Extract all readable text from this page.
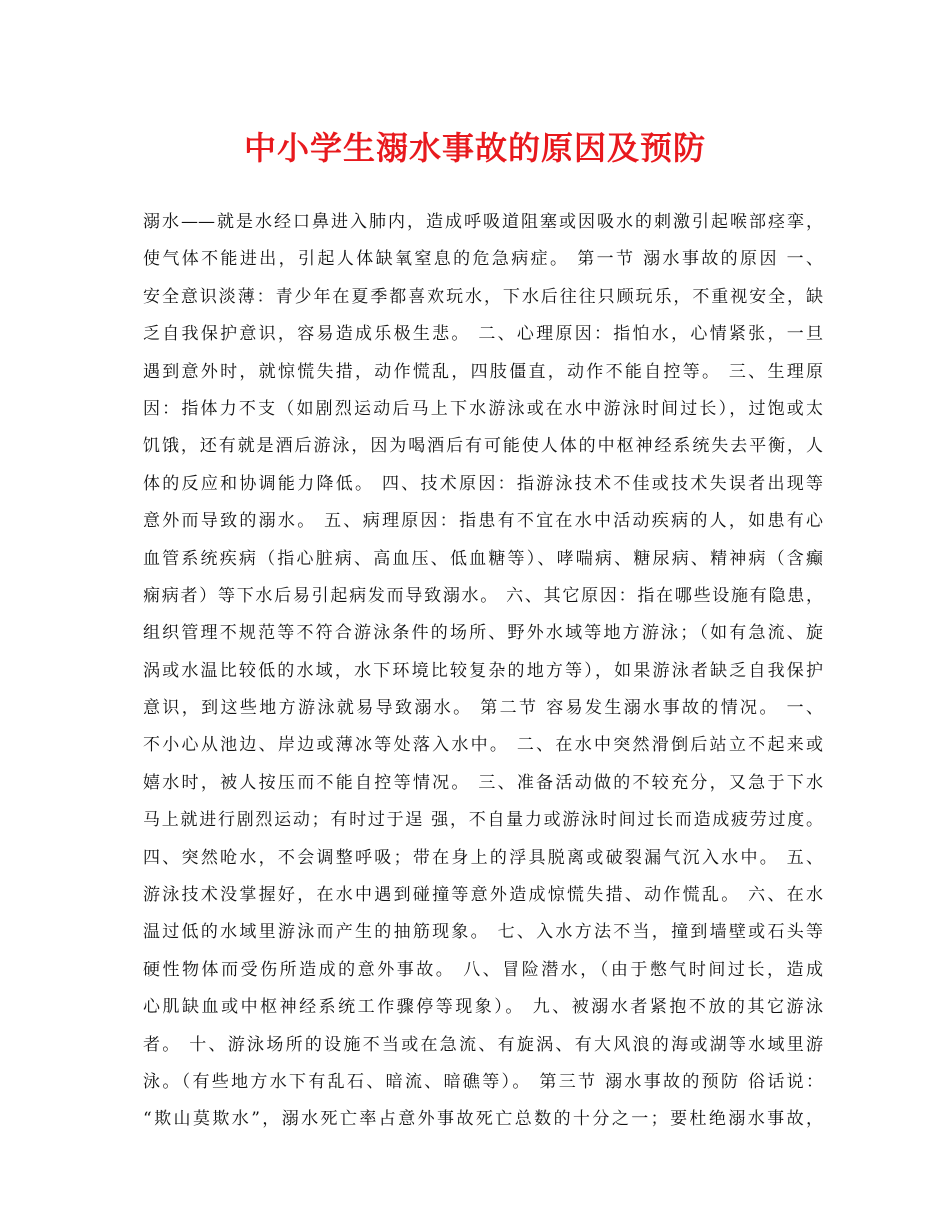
中小学生溺水事故的原因及预防
溺水——就是水经口鼻进入肺内，造成呼吸道阻塞或因吸水的刺激引起喉部痉挛，
使气体不能进出，引起人体缺氧窒息的危急病症。 第一节 溺水事故的原因 一、
安全意识淡薄：青少年在夏季都喜欢玩水，下水后往往只顾玩乐，不重视安全，缺
乏自我保护意识，容易造成乐极生悲。 二、心理原因：指怕水，心情紧张，一旦
遇到意外时，就惊慌失措，动作慌乱，四肢僵直，动作不能自控等。 三、生理原
因：指体力不支（如剧烈运动后马上下水游泳或在水中游泳时间过长），过饱或太
饥饿，还有就是酒后游泳，因为喝酒后有可能使人体的中枢神经系统失去平衡，人
体的反应和协调能力降低。 四、技术原因：指游泳技术不佳或技术失误者出现等
意外而导致的溺水。 五、病理原因：指患有不宜在水中活动疾病的人，如患有心
血管系统疾病（指心脏病、高血压、低血糖等）、哮喘病、糖尿病、精神病（含癫
痫病者）等下水后易引起病发而导致溺水。 六、其它原因：指在哪些设施有隐患，
组织管理不规范等不符合游泳条件的场所、野外水域等地方游泳；（如有急流、旋
涡或水温比较低的水域，水下环境比较复杂的地方等），如果游泳者缺乏自我保护
意识，到这些地方游泳就易导致溺水。 第二节 容易发生溺水事故的情况。 一、
不小心从池边、岸边或薄冰等处落入水中。 二、在水中突然滑倒后站立不起来或
嬉水时，被人按压而不能自控等情况。 三、准备活动做的不较充分，又急于下水
马上就进行剧烈运动；有时过于逞 强，不自量力或游泳时间过长而造成疲劳过度。
四、突然呛水，不会调整呼吸；带在身上的浮具脱离或破裂漏气沉入水中。 五、
游泳技术没掌握好，在水中遇到碰撞等意外造成惊慌失措、动作慌乱。 六、在水
温过低的水域里游泳而产生的抽筋现象。 七、入水方法不当，撞到墙壁或石头等
硬性物体而受伤所造成的意外事故。 八、冒险潜水，（由于憋气时间过长，造成
心肌缺血或中枢神经系统工作骤停等现象）。 九、被溺水者紧抱不放的其它游泳
者。 十、游泳场所的设施不当或在急流、有旋涡、有大风浪的海或湖等水域里游
泳。（有些地方水下有乱石、暗流、暗礁等）。 第三节 溺水事故的预防 俗话说：
“欺山莫欺水”，溺水死亡率占意外事故死亡总数的十分之一；要杜绝溺水事故，
